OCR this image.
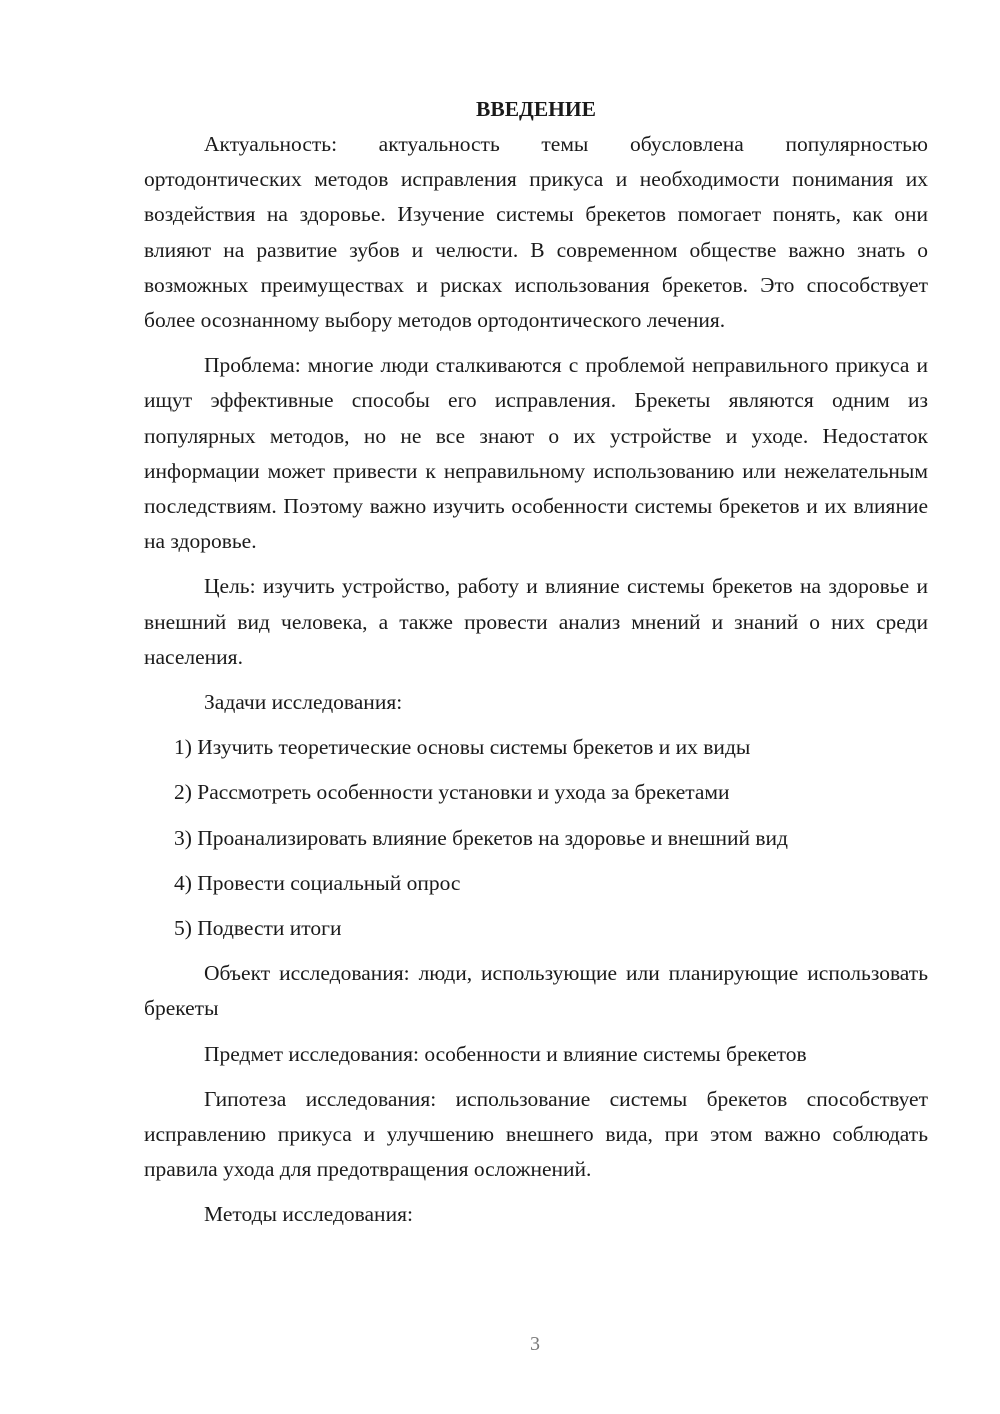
ВВЕДЕНИЕ

Актуальность: актуальность темы обусловлена популярностью ортодонтических методов исправления прикуса и необходимости понимания их воздействия на здоровье. Изучение системы брекетов помогает понять, как они влияют на развитие зубов и челюсти. В современном обществе важно знать о возможных преимуществах и рисках использования брекетов. Это способствует более осознанному выбору методов ортодонтического лечения.

Проблема: многие люди сталкиваются с проблемой неправильного прикуса и ищут эффективные способы его исправления. Брекеты являются одним из популярных методов, но не все знают о их устройстве и уходе. Недостаток информации может привести к неправильному использованию или нежелательным последствиям. Поэтому важно изучить особенности системы брекетов и их влияние на здоровье.

Цель: изучить устройство, работу и влияние системы брекетов на здоровье и внешний вид человека, а также провести анализ мнений и знаний о них среди населения.

Задачи исследования:

1) Изучить теоретические основы системы брекетов и их виды
2) Рассмотреть особенности установки и ухода за брекетами
3) Проанализировать влияние брекетов на здоровье и внешний вид
4) Провести социальный опрос
5) Подвести итоги

Объект исследования: люди, использующие или планирующие использовать брекеты

Предмет исследования: особенности и влияние системы брекетов

Гипотеза исследования: использование системы брекетов способствует исправлению прикуса и улучшению внешнего вида, при этом важно соблюдать правила ухода для предотвращения осложнений.

Методы исследования:

3
